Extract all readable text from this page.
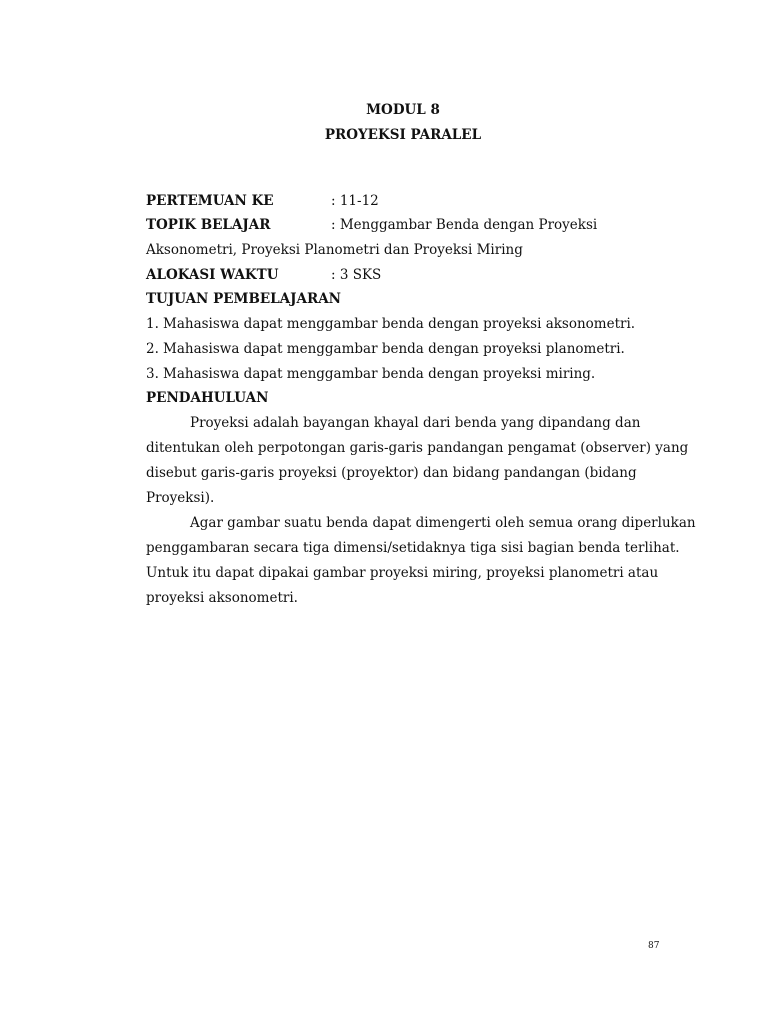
MODUL 8
PROYEKSI PARALEL
PERTEMUAN KE	: 11-12
TOPIK BELAJAR	: Menggambar Benda dengan Proyeksi
Aksonometri, Proyeksi Planometri dan Proyeksi Miring
ALOKASI WAKTU	: 3 SKS
TUJUAN PEMBELAJARAN
1. Mahasiswa dapat menggambar benda dengan proyeksi aksonometri.
2. Mahasiswa dapat menggambar benda dengan proyeksi planometri.
3. Mahasiswa dapat menggambar benda dengan proyeksi miring.
PENDAHULUAN
Proyeksi adalah bayangan khayal dari benda yang dipandang dan
ditentukan oleh perpotongan garis-garis pandangan pengamat (observer) yang
disebut garis-garis proyeksi (proyektor) dan bidang pandangan (bidang
Proyeksi).
Agar gambar suatu benda dapat dimengerti oleh semua orang diperlukan
penggambaran secara tiga dimensi/setidaknya tiga sisi bagian benda terlihat.
Untuk itu dapat dipakai gambar proyeksi miring, proyeksi planometri atau
proyeksi aksonometri.
87
